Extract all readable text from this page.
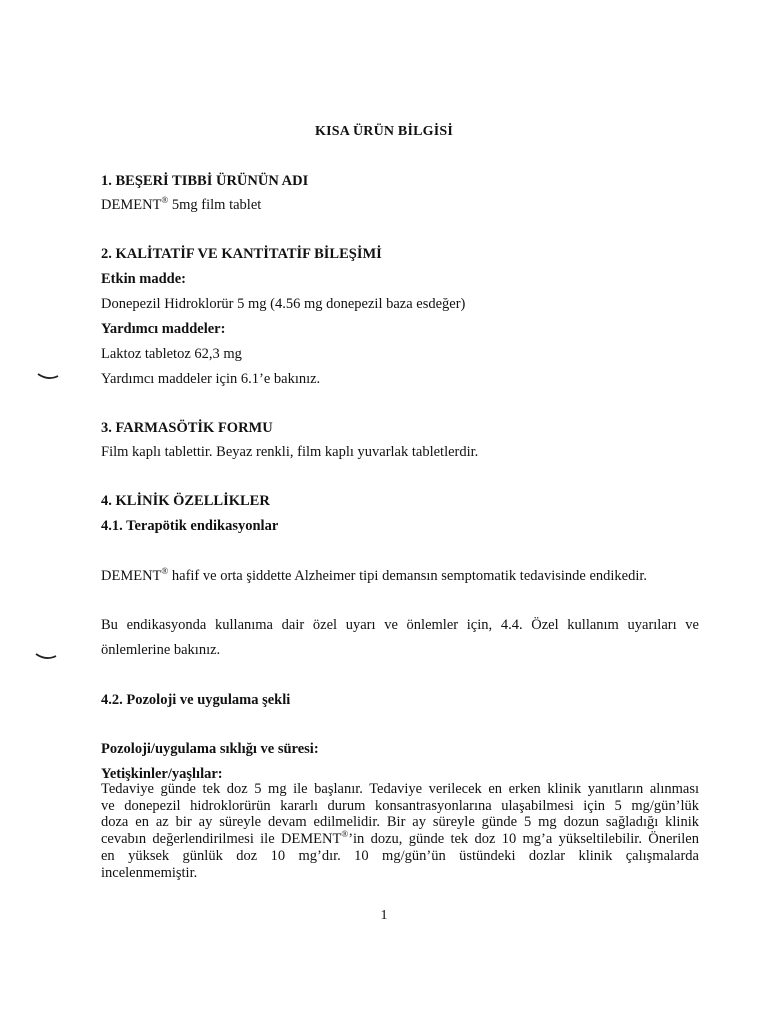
KISA ÜRÜN BİLGİSİ
1. BEŞERİ TIBBİ ÜRÜNÜN ADI
DEMENT® 5mg film tablet
2. KALİTATİF VE KANTİTATİF BİLEŞİMİ
Etkin madde:
Donepezil Hidroklorür 5 mg (4.56 mg donepezil baza esdeğer)
Yardımcı maddeler:
Laktoz tabletoz 62,3 mg
Yardımcı maddeler için 6.1’e bakınız.
3. FARMASÖTİK FORMU
Film kaplı tablettir. Beyaz renkli, film kaplı yuvarlak tabletlerdir.
4. KLİNİK ÖZELLİKLER
4.1. Terapötik endikasyonlar
DEMENT® hafif ve orta şiddette Alzheimer tipi demansın semptomatik tedavisinde endikedir.
Bu endikasyonda kullanıma dair özel uyarı ve önlemler için, 4.4. Özel kullanım uyarıları ve
önlemlerine bakınız.
4.2. Pozoloji ve uygulama şekli
Pozoloji/uygulama sıklığı ve süresi:
Yetişkinler/yaşlılar:
Tedaviye günde tek doz 5 mg ile başlanır. Tedaviye verilecek en erken klinik yanıtların alınması
ve donepezil hidroklorürün kararlı durum konsantrasyonlarına ulaşabilmesi için 5 mg/gün’lük
doza en az bir ay süreyle devam edilmelidir. Bir ay süreyle günde 5 mg dozun sağladığı klinik
cevabın değerlendirilmesi ile DEMENT®’in dozu, günde tek doz 10 mg’a yükseltilebilir. Önerilen
en yüksek günlük doz 10 mg’dır. 10 mg/gün’ün üstündeki dozlar klinik çalışmalarda
incelenmemiştir.
1
